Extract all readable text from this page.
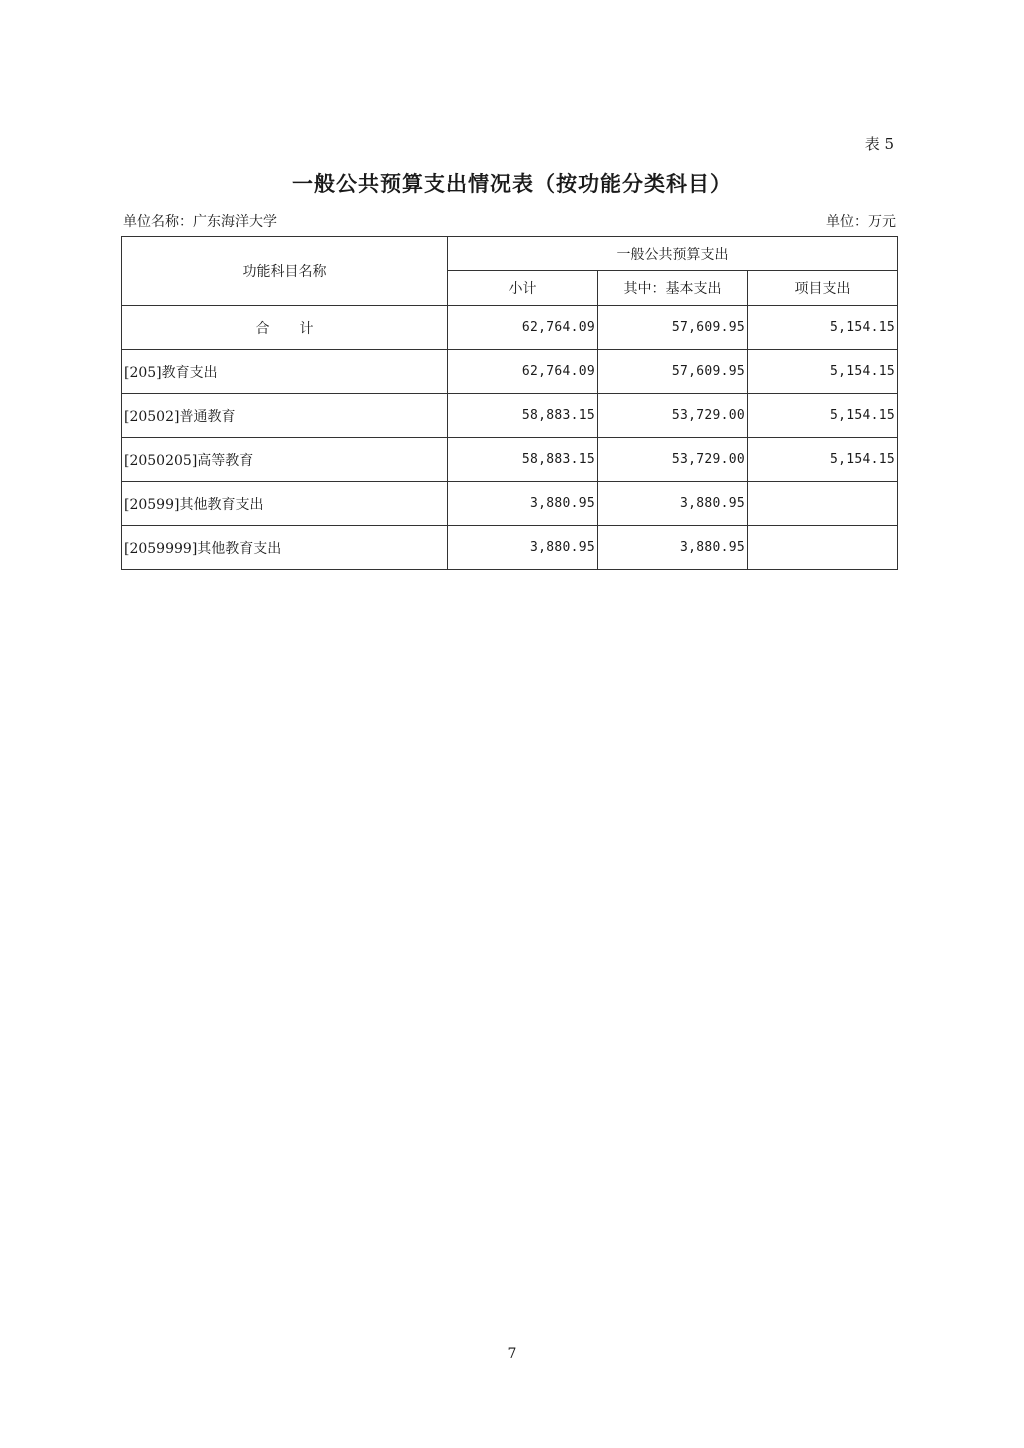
表 5
一般公共预算支出情况表（按功能分类科目）
单位名称：广东海洋大学	单位：万元
功能科目名称	一般公共预算支出		
	小计	其中：基本支出	项目支出
合计	62,764.09	57,609.95	5,154.15
[205]教育支出	62,764.09	57,609.95	5,154.15
[20502]普通教育	58,883.15	53,729.00	5,154.15
[2050205]高等教育	58,883.15	53,729.00	5,154.15
[20599]其他教育支出	3,880.95	3,880.95	
[2059999]其他教育支出	3,880.95	3,880.95	
7
